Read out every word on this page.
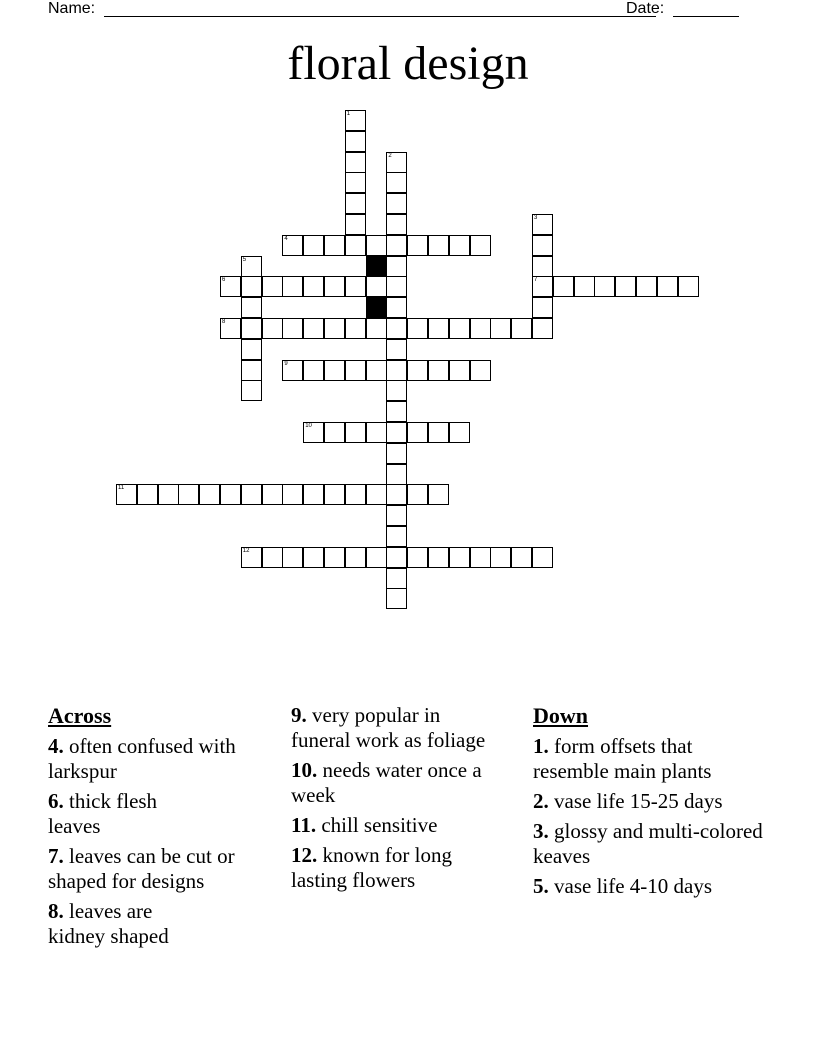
Name:	Date:
floral design
4
6	7
8
9
10
11
12
1
2
3
5
Across
4. often confused with larkspur
6. thick flesh leaves
7. leaves can be cut or shaped for designs
8. leaves are kidney shaped
9. very popular in funeral work as foliage
10. needs water once a week
11. chill sensitive
12. known for long lasting flowers
Down
1. form offsets that resemble main plants
2. vase life 15-25 days
3. glossy and multi-colored keaves
5. vase life 4-10 days
